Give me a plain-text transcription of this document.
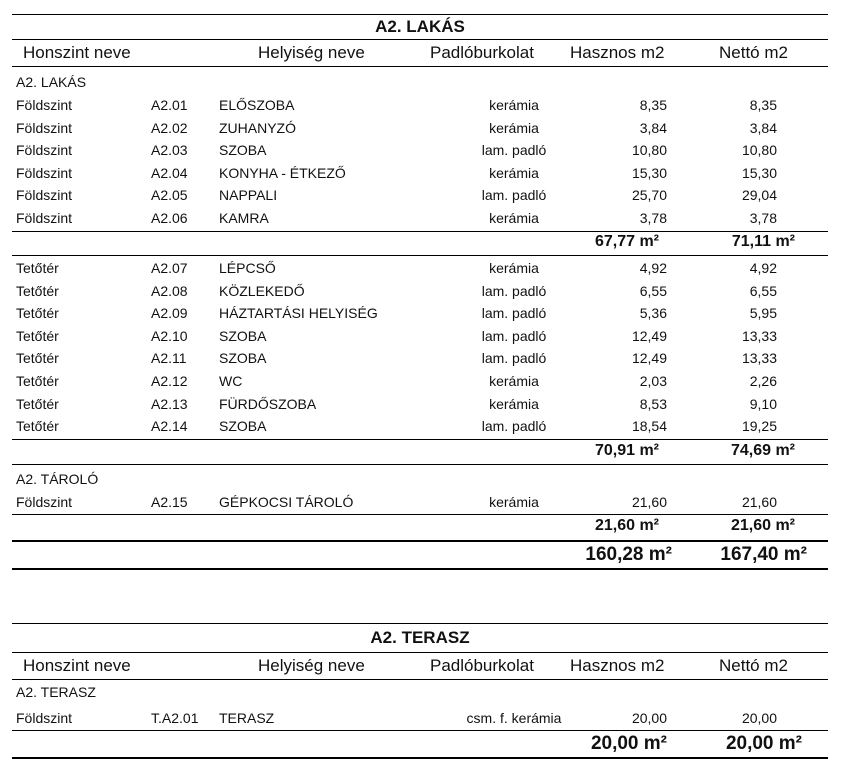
A2. LAKÁS
Honszint neve	Helyiség neve	Padlóburkolat Hasznos m2	Nettó m2
A2. LAKÁS
Földszint	A2.01 ELŐSZOBA	kerámia	8,35	8,35
Földszint	A2.02 ZUHANYZÓ	kerámia	3,84	3,84
Földszint	A2.03 SZOBA	lam. padló	10,80	10,80
Földszint	A2.04 KONYHA - ÉTKEZŐ	kerámia	15,30	15,30
Földszint	A2.05 NAPPALI	lam. padló	25,70	29,04
Földszint	A2.06 KAMRA	kerámia	3,78	3,78
67,77 m²	71,11 m²
Tetőtér	A2.07 LÉPCSŐ	kerámia	4,92	4,92
Tetőtér	A2.08 KÖZLEKEDŐ	lam. padló	6,55	6,55
Tetőtér	A2.09 HÁZTARTÁSI HELYISÉG	lam. padló	5,36	5,95
Tetőtér	A2.10 SZOBA	lam. padló	12,49	13,33
Tetőtér	A2.11 SZOBA	lam. padló	12,49	13,33
Tetőtér	A2.12 WC	kerámia	2,03	2,26
Tetőtér	A2.13 FÜRDŐSZOBA	kerámia	8,53	9,10
Tetőtér	A2.14 SZOBA	lam. padló	18,54	19,25
70,91 m²	74,69 m²
A2. TÁROLÓ
Földszint	A2.15 GÉPKOCSI TÁROLÓ	kerámia	21,60	21,60
21,60 m²	21,60 m²
160,28 m²	167,40 m²
A2. TERASZ
Honszint neve	Helyiség neve	Padlóburkolat Hasznos m2	Nettó m2
A2. TERASZ
Földszint	T.A2.01 TERASZ	csm. f. kerámia	20,00	20,00
20,00 m²	20,00 m²
